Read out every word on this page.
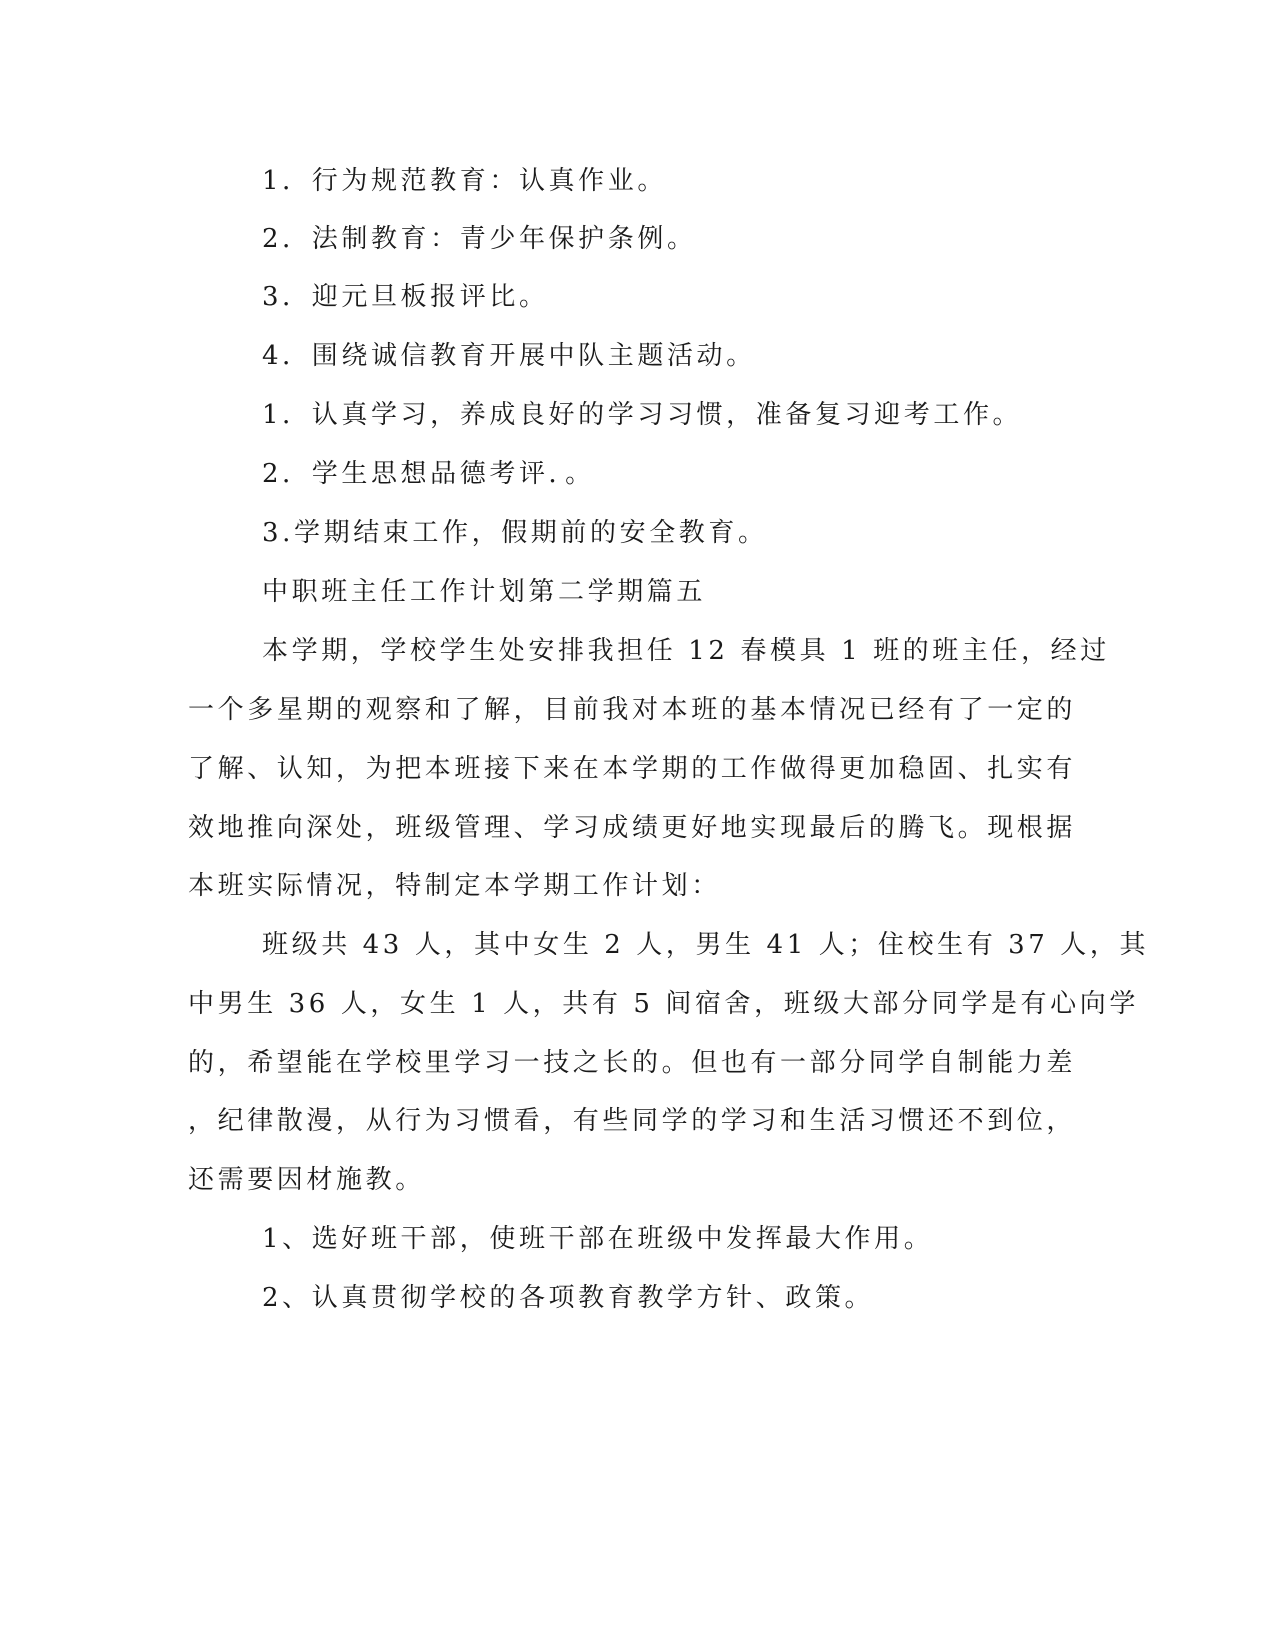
1．行为规范教育：认真作业。
2．法制教育：青少年保护条例。
3．迎元旦板报评比。
4．围绕诚信教育开展中队主题活动。
1．认真学习，养成良好的学习习惯，准备复习迎考工作。
2．学生思想品德考评．。
3.学期结束工作，假期前的安全教育。
中职班主任工作计划第二学期篇五
本学期，学校学生处安排我担任 12 春模具 1 班的班主任，经过
一个多星期的观察和了解，目前我对本班的基本情况已经有了一定的
了解、认知，为把本班接下来在本学期的工作做得更加稳固、扎实有
效地推向深处，班级管理、学习成绩更好地实现最后的腾飞。现根据
本班实际情况，特制定本学期工作计划：
班级共 43 人，其中女生 2 人，男生 41 人；住校生有 37 人，其
中男生 36 人，女生 1 人，共有 5 间宿舍，班级大部分同学是有心向学
的，希望能在学校里学习一技之长的。但也有一部分同学自制能力差
，纪律散漫，从行为习惯看，有些同学的学习和生活习惯还不到位，
还需要因材施教。
1、选好班干部，使班干部在班级中发挥最大作用。
2、认真贯彻学校的各项教育教学方针、政策。
